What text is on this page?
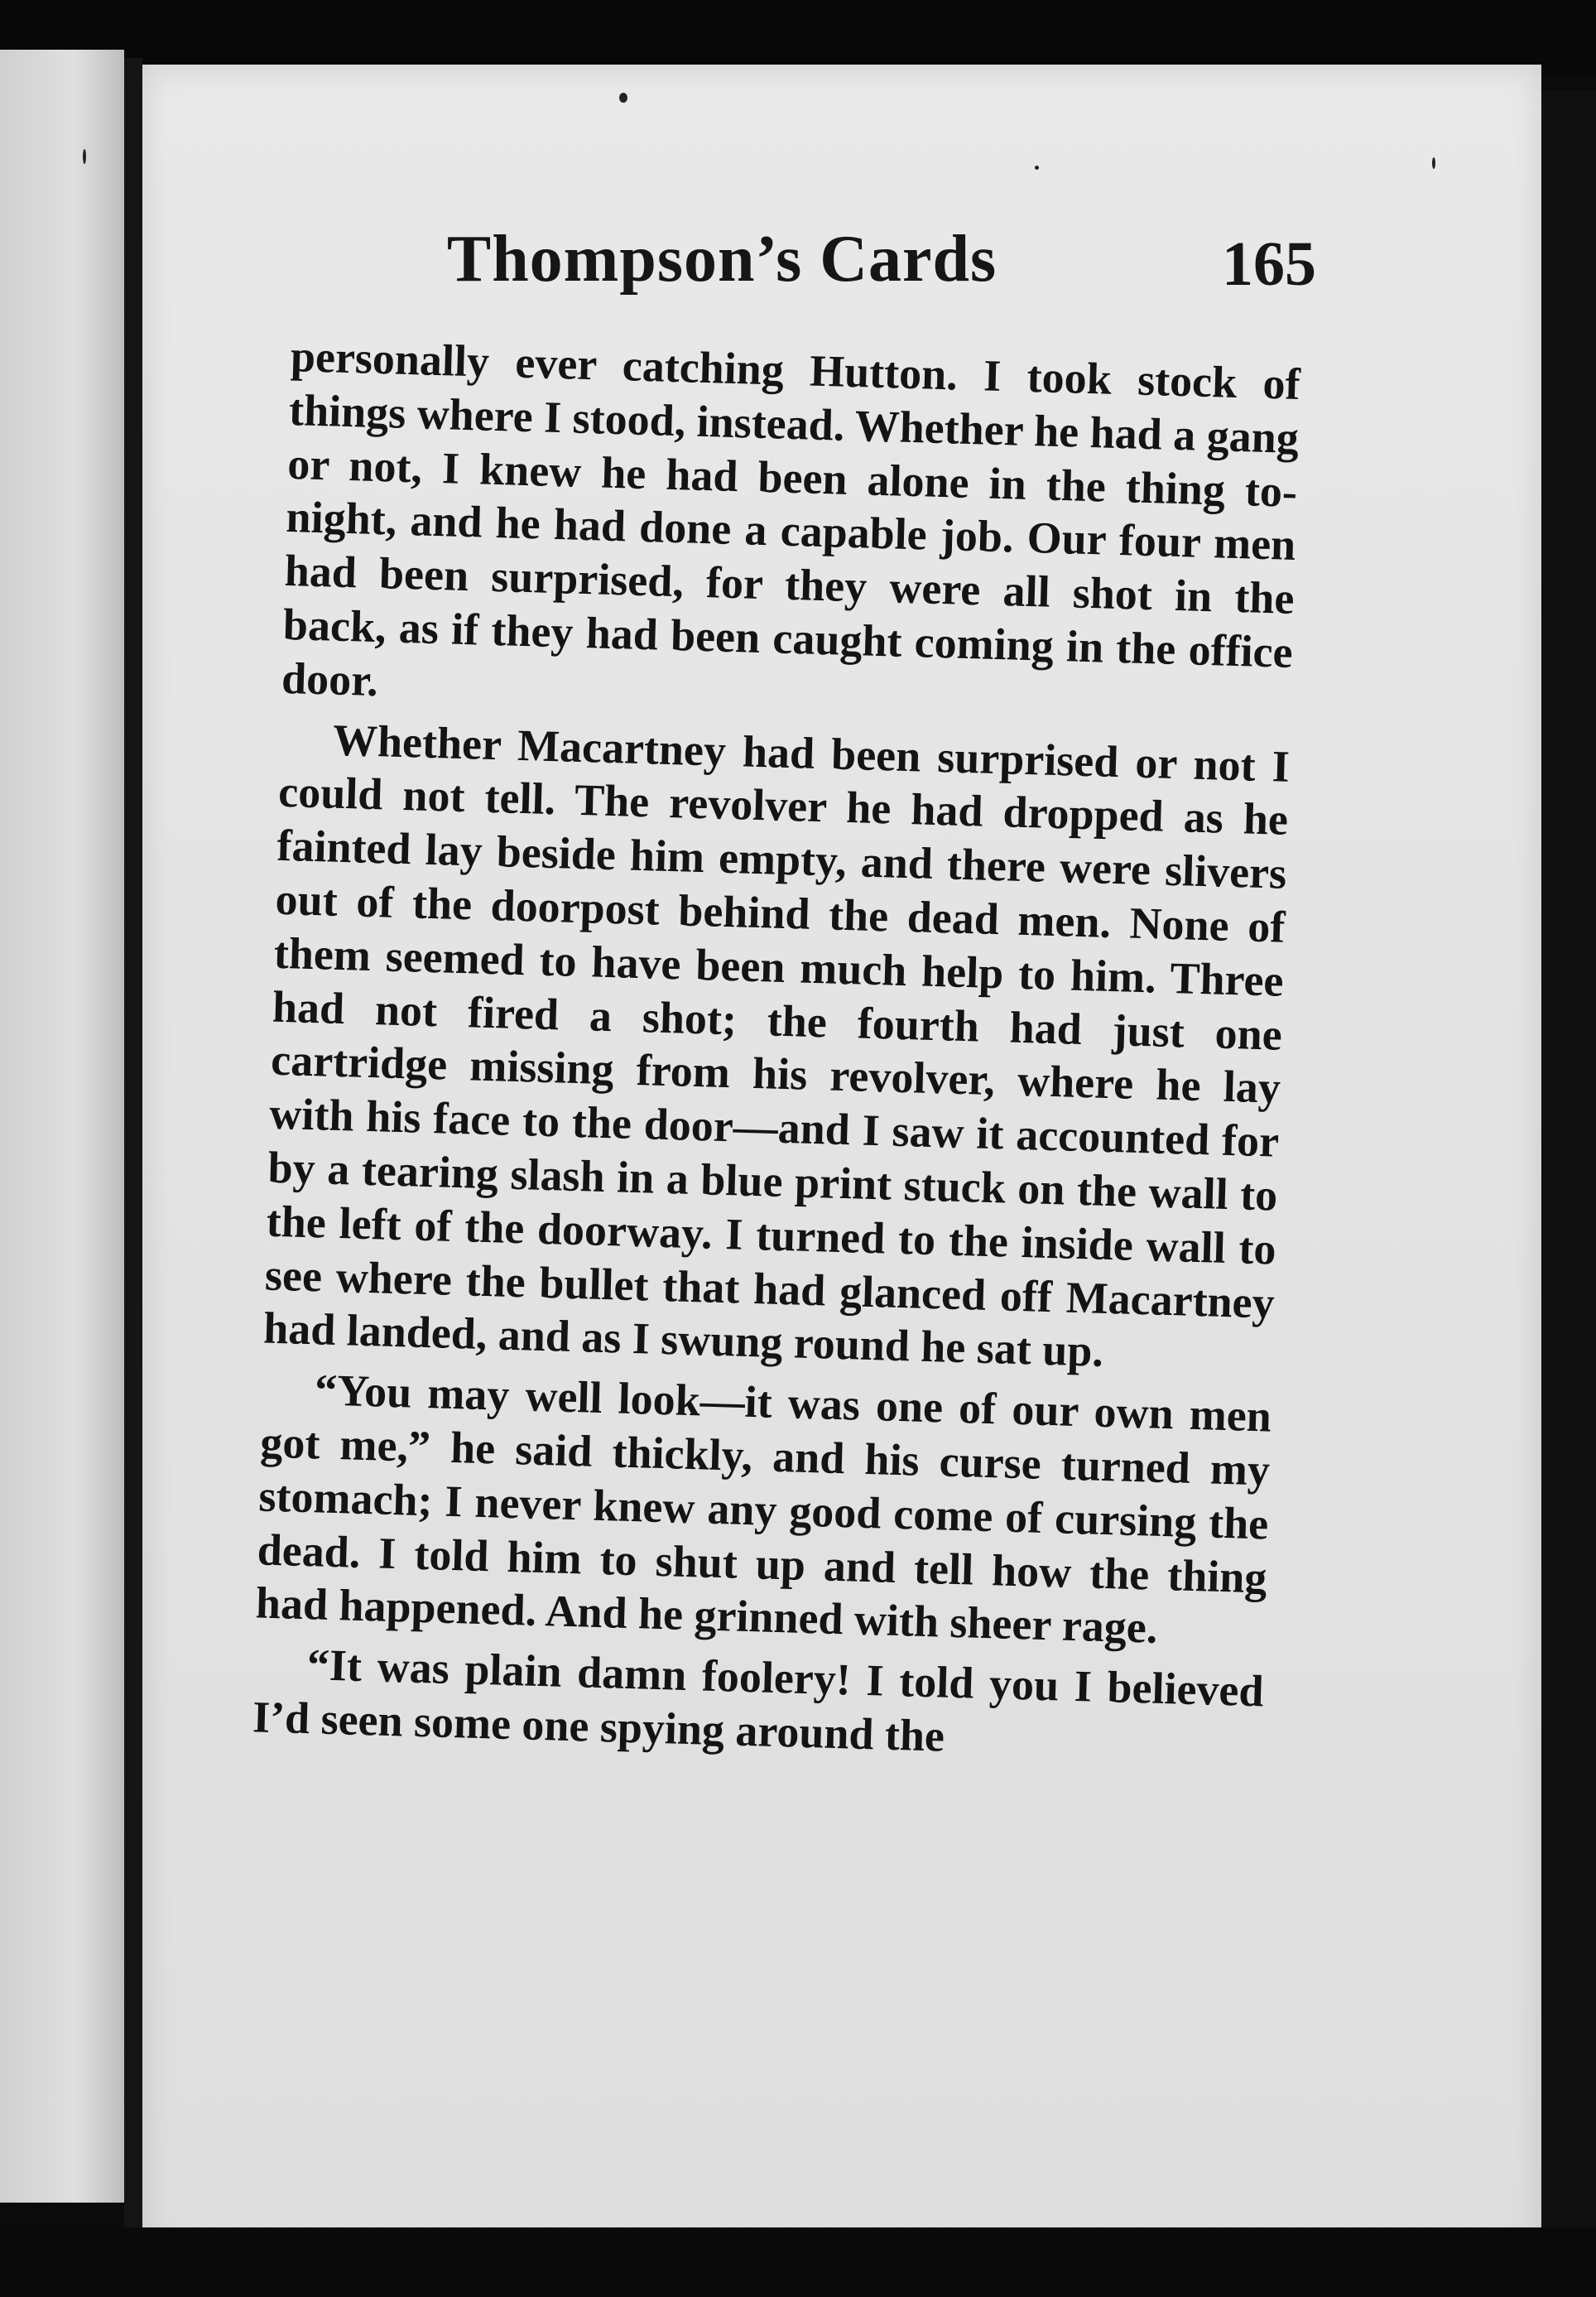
Thompson’s Cards	165

personally ever catching Hutton. I took stock of things where I stood, instead. Whether he had a gang or not, I knew he had been alone in the thing to-night, and he had done a capable job. Our four men had been surprised, for they were all shot in the back, as if they had been caught coming in the office door.

Whether Macartney had been surprised or not I could not tell. The revolver he had dropped as he fainted lay beside him empty, and there were slivers out of the doorpost behind the dead men. None of them seemed to have been much help to him. Three had not fired a shot; the fourth had just one cartridge missing from his revolver, where he lay with his face to the door—and I saw it accounted for by a tearing slash in a blue print stuck on the wall to the left of the doorway. I turned to the inside wall to see where the bullet that had glanced off Macartney had landed, and as I swung round he sat up.

“You may well look—it was one of our own men got me,” he said thickly, and his curse turned my stomach; I never knew any good come of cursing the dead. I told him to shut up and tell how the thing had happened. And he grinned with sheer rage.

“It was plain damn foolery! I told you I believed I’d seen some one spying around the
